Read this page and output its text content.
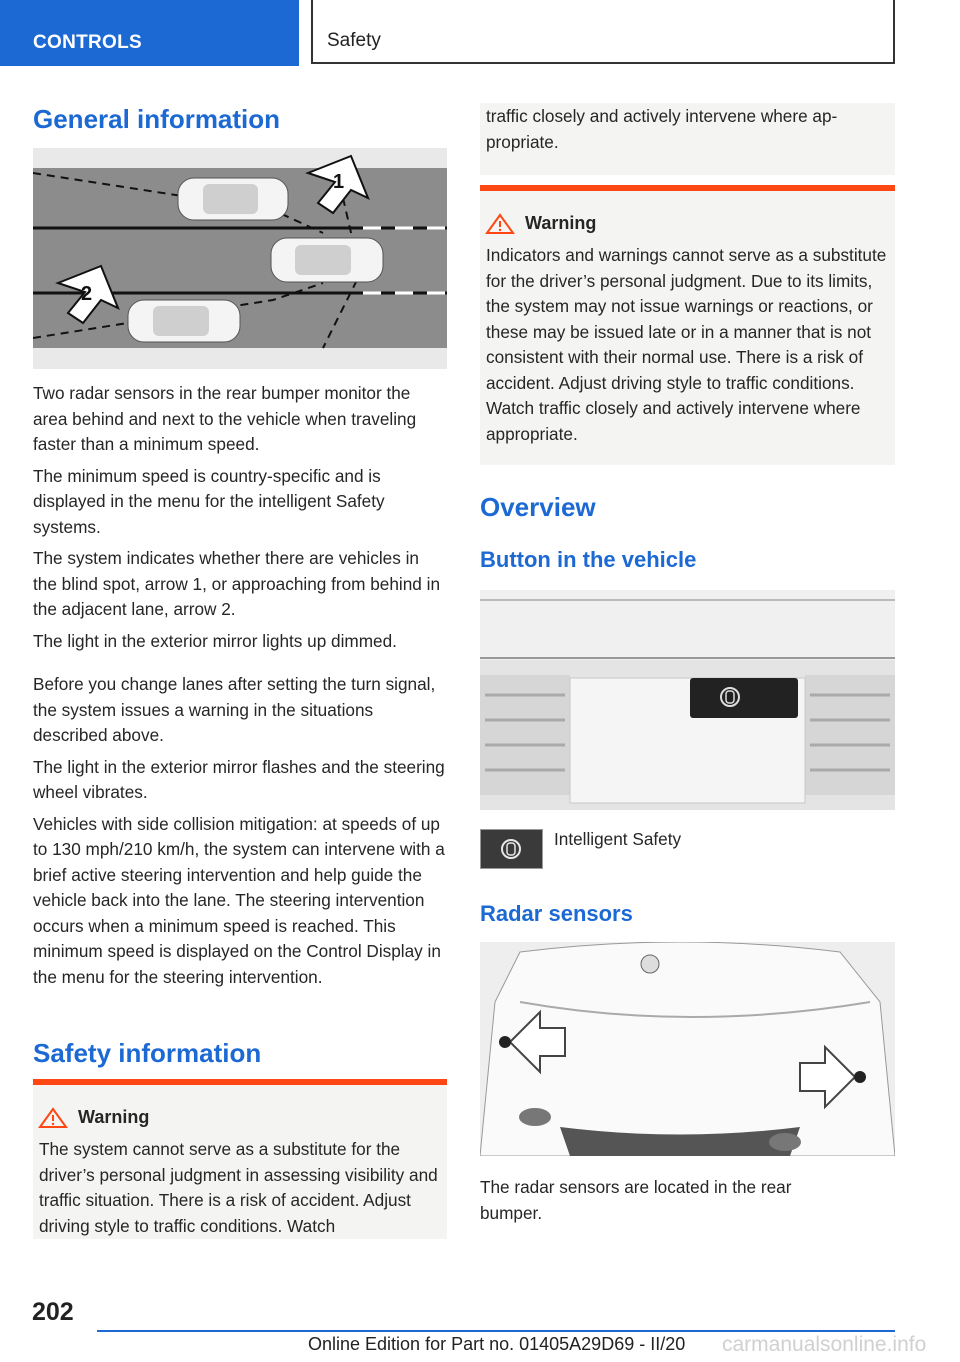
CONTROLS	Safety
General information
1
2

Two radar sensors in the rear bumper monitor the area behind and next to the vehicle when traveling faster than a minimum speed.

The minimum speed is country-specific and is displayed in the menu for the intelligent Safety systems.

The system indicates whether there are vehicles in the blind spot, arrow 1, or approaching from behind in the adjacent lane, arrow 2.

The light in the exterior mirror lights up dimmed.

Before you change lanes after setting the turn signal, the system issues a warning in the situations described above.

The light in the exterior mirror flashes and the steering wheel vibrates.

Vehicles with side collision mitigation: at speeds of up to 130 mph/210 km/h, the system can intervene with a brief active steering intervention and help guide the vehicle back into the lane. The steering intervention occurs when a minimum speed is reached. This minimum speed is displayed on the Control Display in the menu for the steering intervention.

Safety information
Warning

The system cannot serve as a substitute for the driver’s personal judgment in assessing visibility and traffic situation. There is a risk of accident. Adjust driving style to traffic conditions. Watch

traffic closely and actively intervene where appropriate.

Warning

Indicators and warnings cannot serve as a substitute for the driver’s personal judgment. Due to its limits, the system may not issue warnings or reactions, or these may be issued late or in a manner that is not consistent with their normal use. There is a risk of accident. Adjust driving style to traffic conditions. Watch traffic closely and actively intervene where appropriate.

Overview
Button in the vehicle
Intelligent Safety
Radar sensors

The radar sensors are located in the rear bumper.

202
Online Edition for Part no. 01405A29D69 - II/20 carmanualsonline.info
